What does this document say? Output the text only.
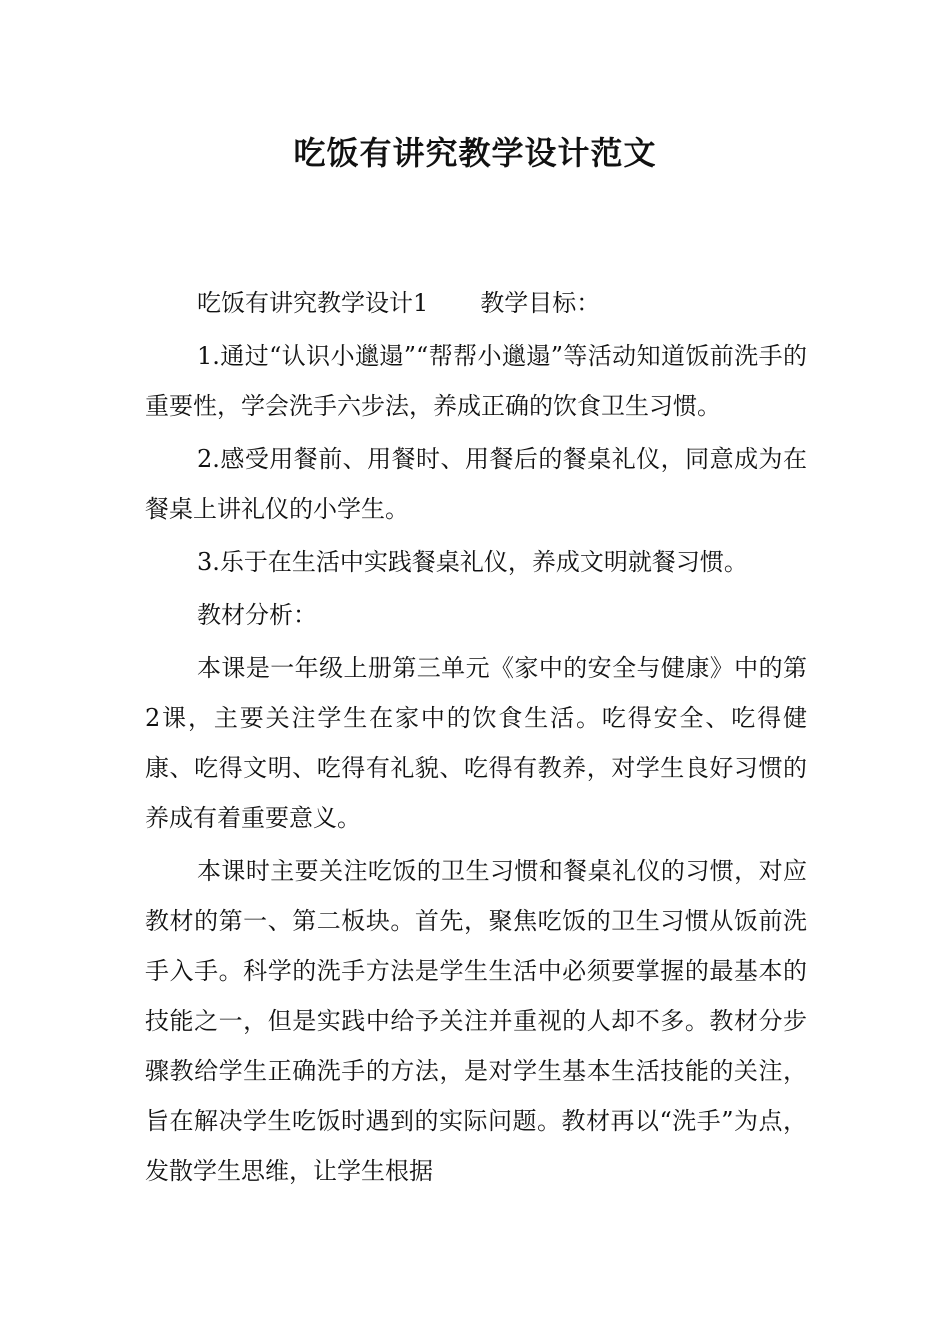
吃饭有讲究教学设计范文

吃饭有讲究教学设计1 教学目标：

1.通过“认识小邋遢”“帮帮小邋遢”等活动知道饭前洗手的重要性，学会洗手六步法，养成正确的饮食卫生习惯。

2.感受用餐前、用餐时、用餐后的餐桌礼仪，同意成为在餐桌上讲礼仪的小学生。

3.乐于在生活中实践餐桌礼仪，养成文明就餐习惯。

教材分析：

本课是一年级上册第三单元《家中的安全与健康》中的第2课，主要关注学生在家中的饮食生活。吃得安全、吃得健康、吃得文明、吃得有礼貌、吃得有教养，对学生良好习惯的养成有着重要意义。

本课时主要关注吃饭的卫生习惯和餐桌礼仪的习惯，对应教材的第一、第二板块。首先，聚焦吃饭的卫生习惯从饭前洗手入手。科学的洗手方法是学生生活中必须要掌握的最基本的技能之一，但是实践中给予关注并重视的人却不多。教材分步骤教给学生正确洗手的方法，是对学生基本生活技能的关注，旨在解决学生吃饭时遇到的实际问题。教材再以“洗手”为点，发散学生思维，让学生根据
